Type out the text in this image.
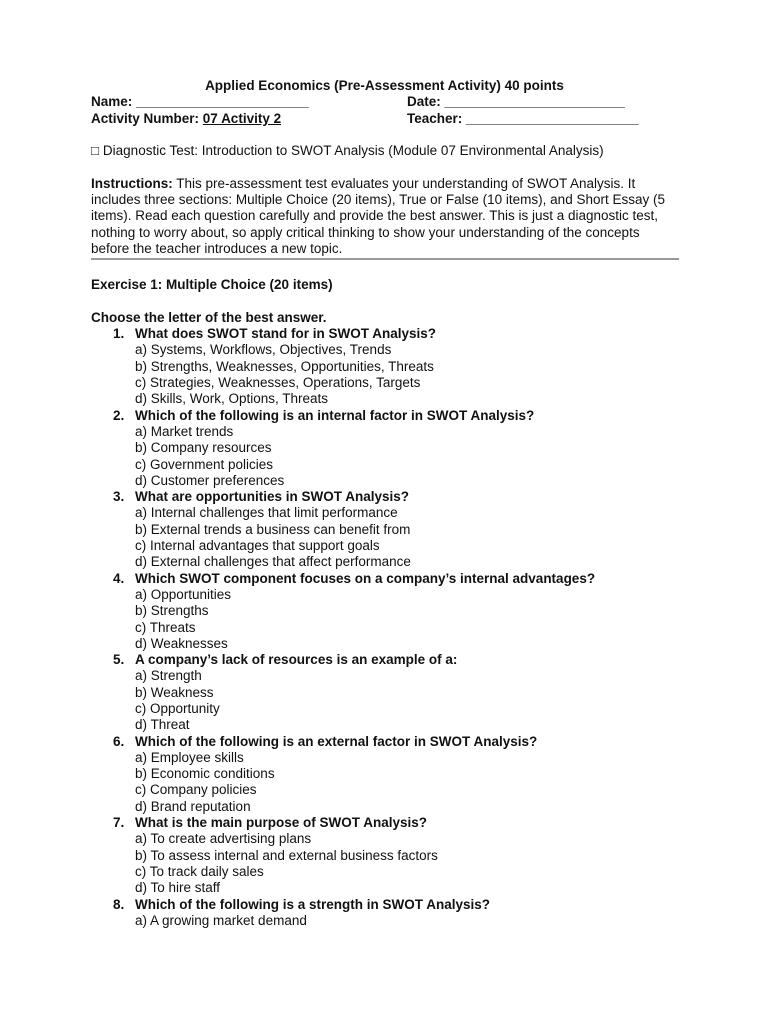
Applied Economics (Pre-Assessment Activity) 40 points
Name: _______________________	Date: ________________________
Activity Number: 07 Activity 2	Teacher: _______________________
□ Diagnostic Test: Introduction to SWOT Analysis (Module 07 Environmental Analysis)
Instructions: This pre-assessment test evaluates your understanding of SWOT Analysis. It includes three sections: Multiple Choice (20 items), True or False (10 items), and Short Essay (5 items). Read each question carefully and provide the best answer. This is just a diagnostic test, nothing to worry about, so apply critical thinking to show your understanding of the concepts before the teacher introduces a new topic.
Exercise 1: Multiple Choice (20 items)
Choose the letter of the best answer.
1. What does SWOT stand for in SWOT Analysis?
a) Systems, Workflows, Objectives, Trends
b) Strengths, Weaknesses, Opportunities, Threats
c) Strategies, Weaknesses, Operations, Targets
d) Skills, Work, Options, Threats
2. Which of the following is an internal factor in SWOT Analysis?
a) Market trends
b) Company resources
c) Government policies
d) Customer preferences
3. What are opportunities in SWOT Analysis?
a) Internal challenges that limit performance
b) External trends a business can benefit from
c) Internal advantages that support goals
d) External challenges that affect performance
4. Which SWOT component focuses on a company’s internal advantages?
a) Opportunities
b) Strengths
c) Threats
d) Weaknesses
5. A company’s lack of resources is an example of a:
a) Strength
b) Weakness
c) Opportunity
d) Threat
6. Which of the following is an external factor in SWOT Analysis?
a) Employee skills
b) Economic conditions
c) Company policies
d) Brand reputation
7. What is the main purpose of SWOT Analysis?
a) To create advertising plans
b) To assess internal and external business factors
c) To track daily sales
d) To hire staff
8. Which of the following is a strength in SWOT Analysis?
a) A growing market demand
